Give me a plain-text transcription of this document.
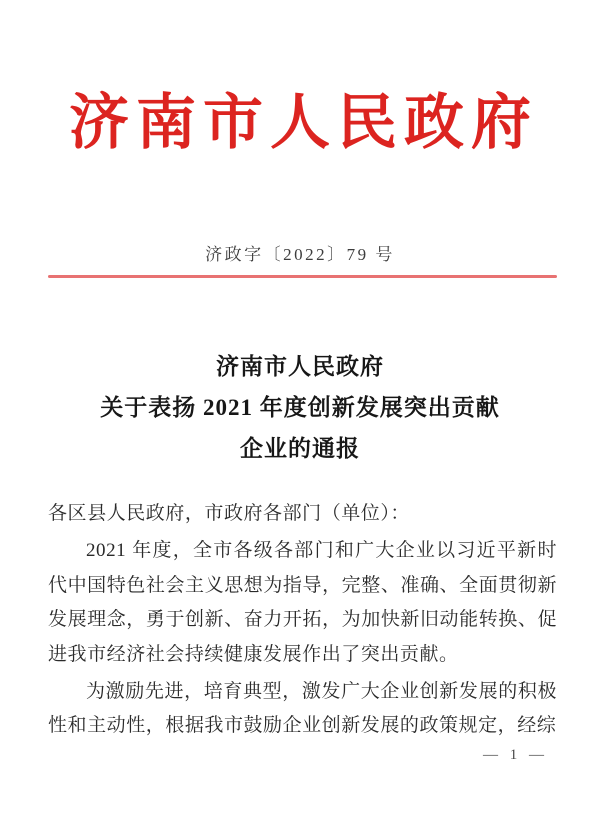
济南市人民政府
济政字〔2022〕79 号
济南市人民政府
关于表扬 2021 年度创新发展突出贡献
企业的通报

各区县人民政府，市政府各部门（单位）：

2021 年度，全市各级各部门和广大企业以习近平新时代中国特色社会主义思想为指导，完整、准确、全面贯彻新发展理念，勇于创新、奋力开拓，为加快新旧动能转换、促进我市经济社会持续健康发展作出了突出贡献。

为激励先进，培育典型，激发广大企业创新发展的积极性和主动性，根据我市鼓励企业创新发展的政策规定，经综

— 1 —
